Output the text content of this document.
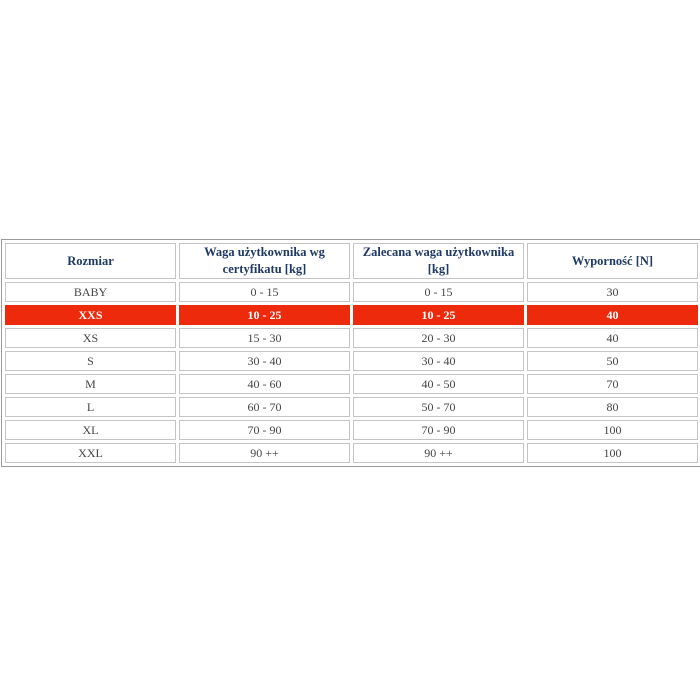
Rozmiar	Waga użytkownika wg certyfikatu [kg]	Zalecana waga użytkownika [kg]	Wyporność [N]
BABY	0 - 15	0 - 15	30
XXS	10 - 25	10 - 25	40
XS	15 - 30	20 - 30	40
S	30 - 40	30 - 40	50
M	40 - 60	40 - 50	70
L	60 - 70	50 - 70	80
XL	70 - 90	70 - 90	100
XXL	90 ++	90 ++	100
